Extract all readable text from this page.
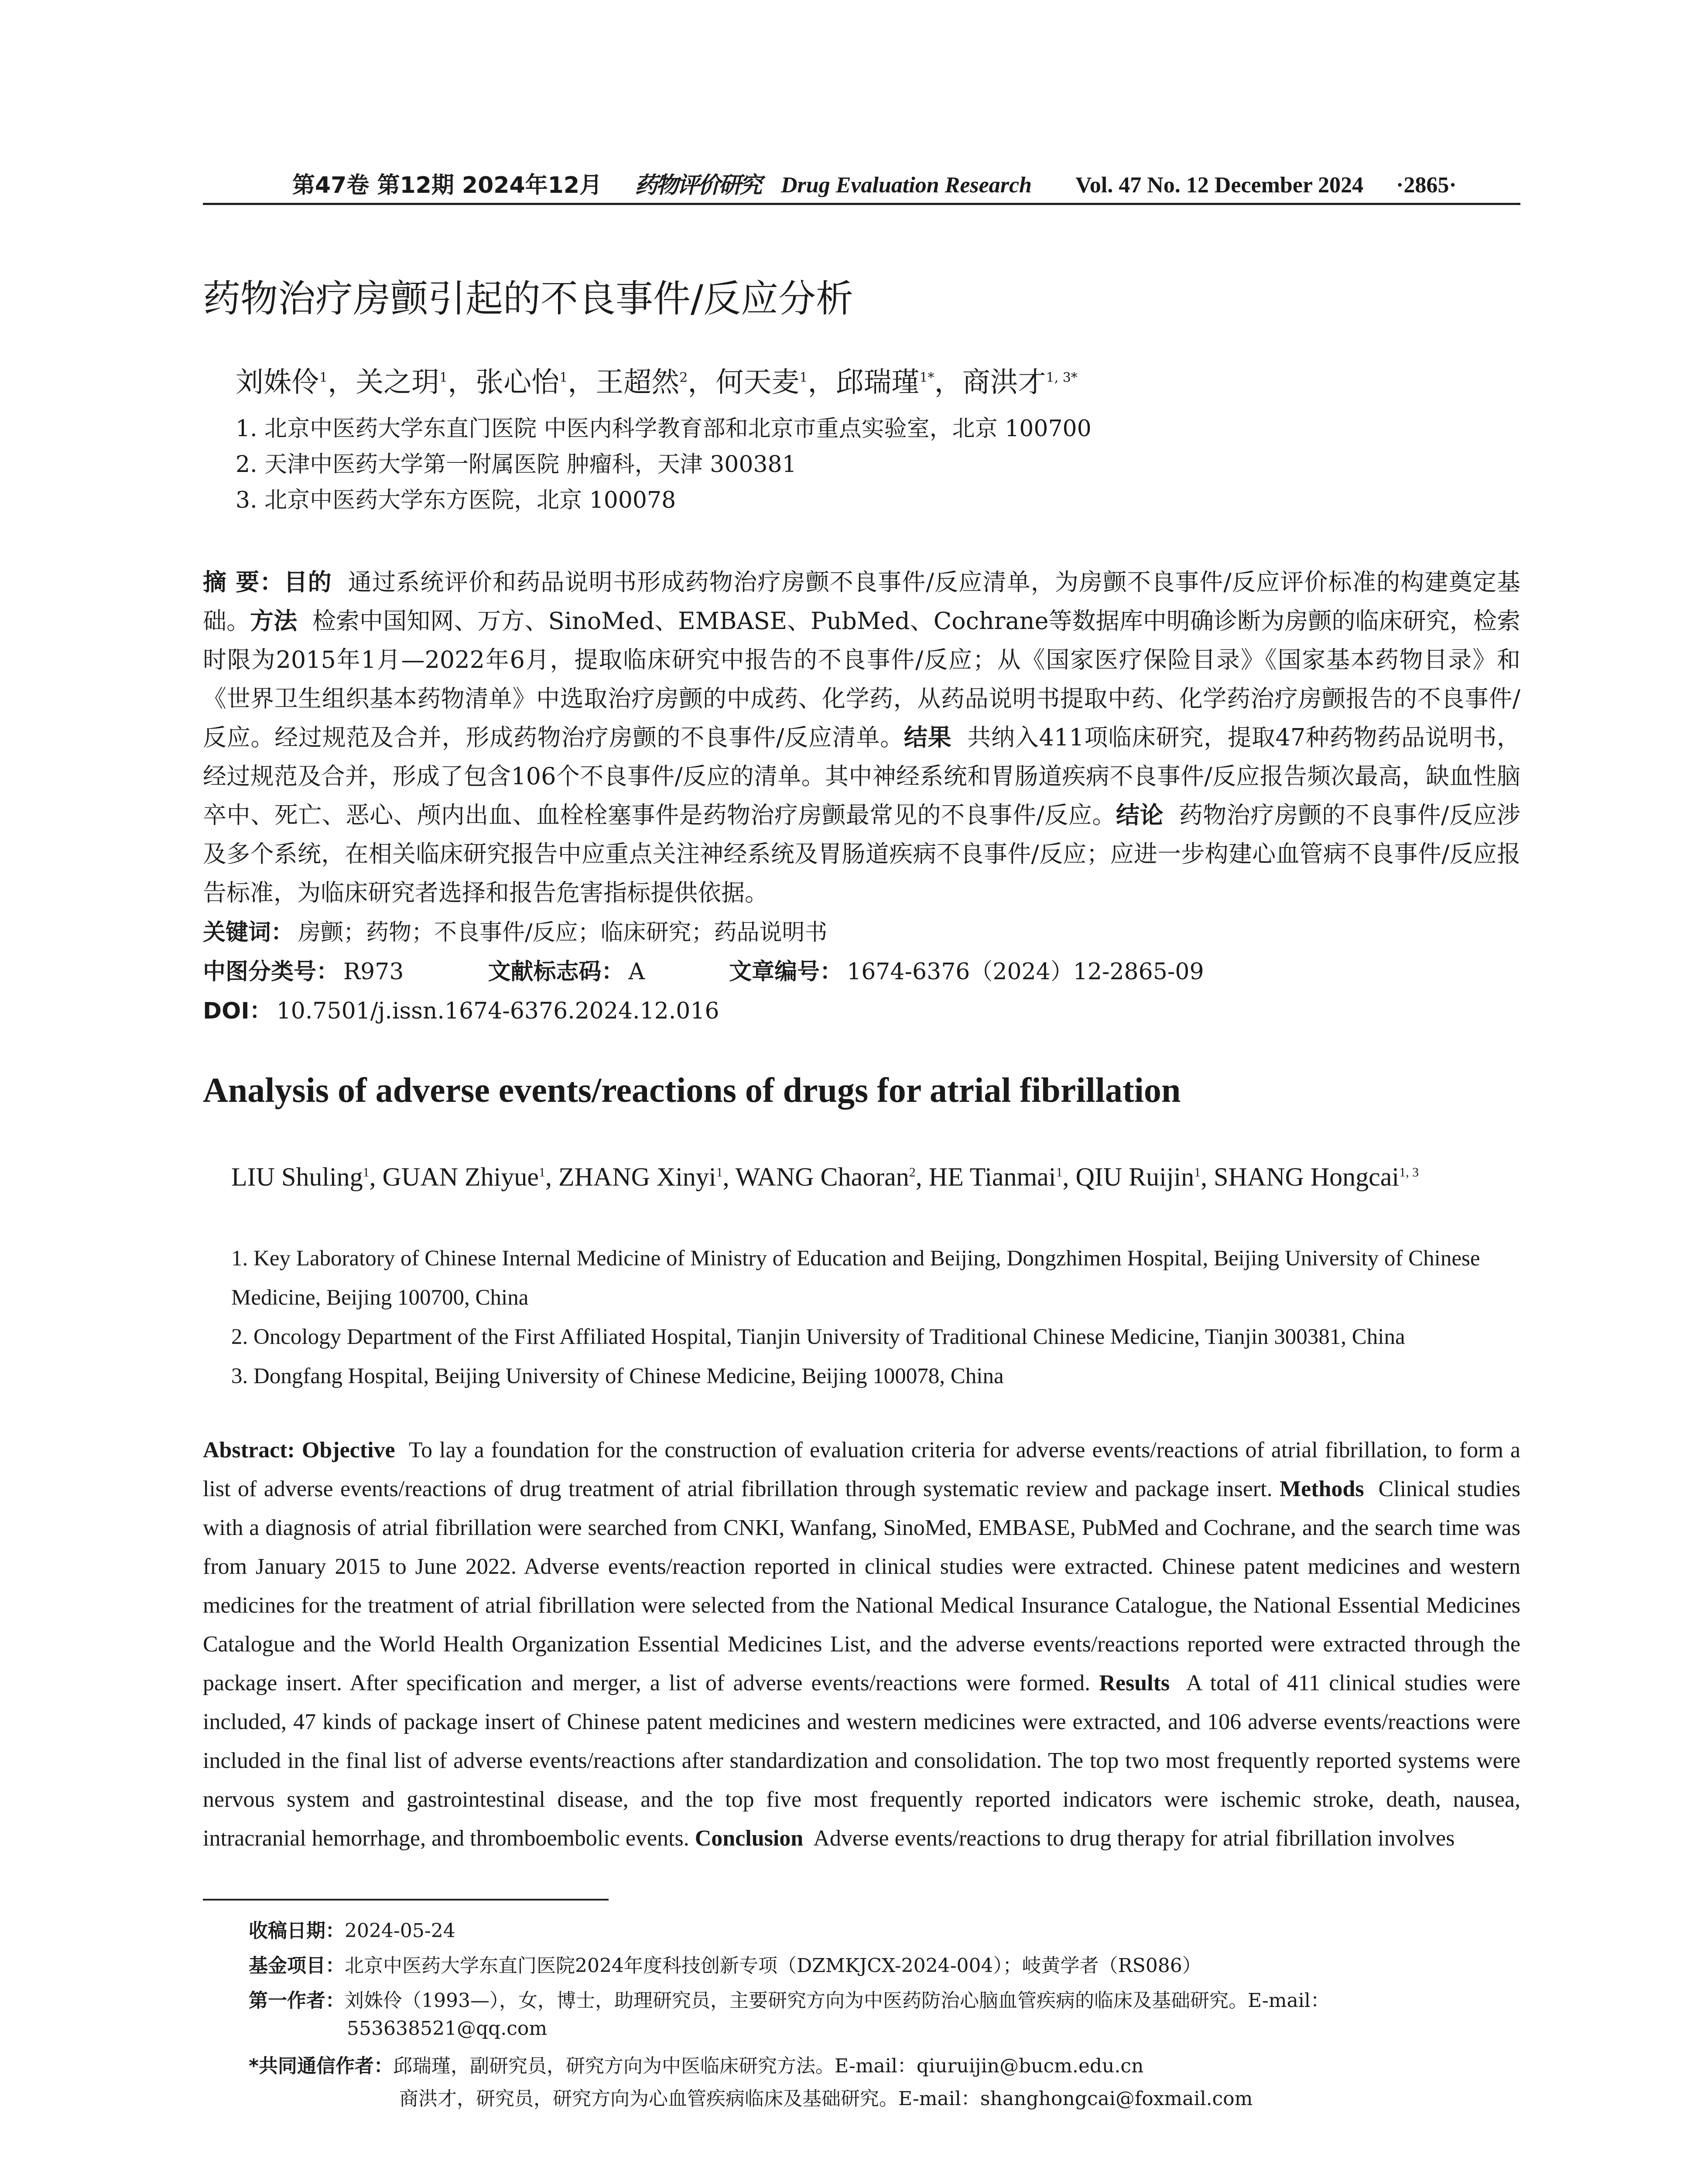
第47卷 第12期 2024年12月 药物评价研究 Drug Evaluation Research Vol. 47 No. 12 December 2024 ·2865·
药物治疗房颤引起的不良事件/反应分析
刘姝伶$^1$，关之玥$^1$，张心怡$^1$，王超然$^2$，何天麦$^1$，邱瑞瑾$^{1*}$，商洪才$^{1, 3*}$
1. 北京中医药大学东直门医院 中医内科学教育部和北京市重点实验室，北京 100700
2. 天津中医药大学第一附属医院 肿瘤科，天津 300381
3. 北京中医药大学东方医院，北京 100078
摘 要：目的 通过系统评价和药品说明书形成药物治疗房颤不良事件/反应清单，为房颤不良事件/反应评价标准的构建奠定基础。方法 检索中国知网、万方、SinoMed、EMBASE、PubMed、Cochrane等数据库中明确诊断为房颤的临床研究，检索时限为2015年1月—2022年6月，提取临床研究中报告的不良事件/反应；从《国家医疗保险目录》《国家基本药物目录》和《世界卫生组织基本药物清单》中选取治疗房颤的中成药、化学药，从药品说明书提取中药、化学药治疗房颤报告的不良事件/反应。经过规范及合并，形成药物治疗房颤的不良事件/反应清单。结果 共纳入411项临床研究，提取47种药物药品说明书，经过规范及合并，形成了包含106个不良事件/反应的清单。其中神经系统和胃肠道疾病不良事件/反应报告频次最高，缺血性脑卒中、死亡、恶心、颅内出血、血栓栓塞事件是药物治疗房颤最常见的不良事件/反应。结论 药物治疗房颤的不良事件/反应涉及多个系统，在相关临床研究报告中应重点关注神经系统及胃肠道疾病不良事件/反应；应进一步构建心血管病不良事件/反应报告标准，为临床研究者选择和报告危害指标提供依据。
关键词： 房颤；药物；不良事件/反应；临床研究；药品说明书
中图分类号： R973	文献标志码： A	文章编号： 1674-6376（2024）12-2865-09
DOI： 10.7501/j.issn.1674-6376.2024.12.016
Analysis of adverse events/reactions of drugs for atrial fibrillation
LIU Shuling$^1$, GUAN Zhiyue$^1$, ZHANG Xinyi$^1$, WANG Chaoran$^2$, HE Tianmai$^1$, QIU Ruijin$^1$, SHANG Hongcai$^{1, 3}$
1. Key Laboratory of Chinese Internal Medicine of Ministry of Education and Beijing, Dongzhimen Hospital, Beijing University of Chinese Medicine, Beijing 100700, China
2. Oncology Department of the First Affiliated Hospital, Tianjin University of Traditional Chinese Medicine, Tianjin 300381, China
3. Dongfang Hospital, Beijing University of Chinese Medicine, Beijing 100078, China
Abstract: Objective To lay a foundation for the construction of evaluation criteria for adverse events/reactions of atrial fibrillation, to form a list of adverse events/reactions of drug treatment of atrial fibrillation through systematic review and package insert. Methods Clinical studies with a diagnosis of atrial fibrillation were searched from CNKI, Wanfang, SinoMed, EMBASE, PubMed and Cochrane, and the search time was from January 2015 to June 2022. Adverse events/reaction reported in clinical studies were extracted. Chinese patent medicines and western medicines for the treatment of atrial fibrillation were selected from the National Medical Insurance Catalogue, the National Essential Medicines Catalogue and the World Health Organization Essential Medicines List, and the adverse events/reactions reported were extracted through the package insert. After specification and merger, a list of adverse events/reactions were formed. Results A total of 411 clinical studies were included, 47 kinds of package insert of Chinese patent medicines and western medicines were extracted, and 106 adverse events/reactions were included in the final list of adverse events/reactions after standardization and consolidation. The top two most frequently reported systems were nervous system and gastrointestinal disease, and the top five most frequently reported indicators were ischemic stroke, death, nausea, intracranial hemorrhage, and thromboembolic events. Conclusion Adverse events/reactions to drug therapy for atrial fibrillation involves
收稿日期：2024-05-24
基金项目：北京中医药大学东直门医院2024年度科技创新专项（DZMKJCX-2024-004）；岐黄学者（RS086）
第一作者：刘姝伶（1993—），女，博士，助理研究员，主要研究方向为中医药防治心脑血管疾病的临床及基础研究。E-mail：
553638521@qq.com
*共同通信作者：邱瑞瑾，副研究员，研究方向为中医临床研究方法。E-mail：qiuruijin@bucm.edu.cn
商洪才，研究员，研究方向为心血管疾病临床及基础研究。E-mail：shanghongcai@foxmail.com
